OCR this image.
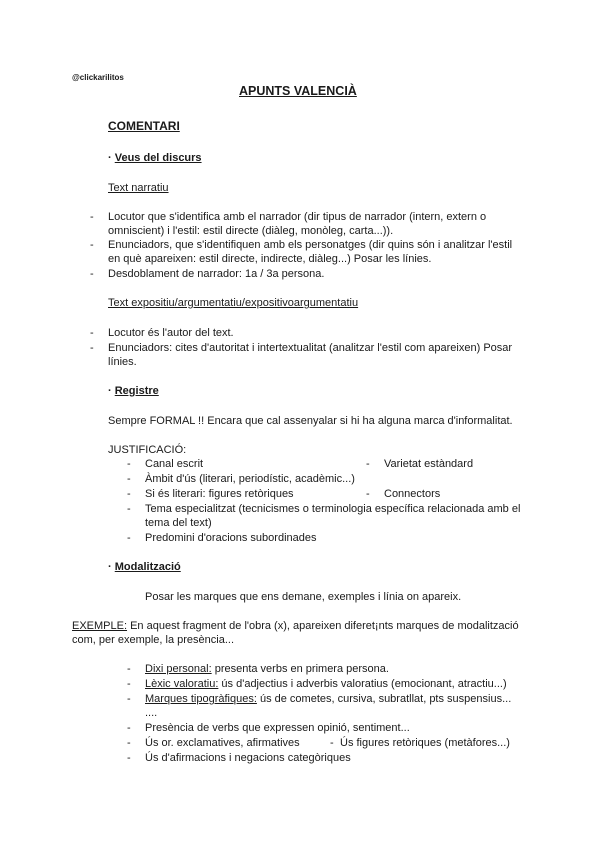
@clickarilitos
APUNTS VALENCIÀ
COMENTARI
· Veus del discurs
Text narratiu
- Locutor que s'identifica amb el narrador (dir tipus de narrador (intern, extern o
omniscient) i l'estil: estil directe (diàleg, monòleg, carta...)).
- Enunciadors, que s'identifiquen amb els personatges (dir quins són i analitzar l'estil
en què apareixen: estil directe, indirecte, diàleg...) Posar les línies.
- Desdoblament de narrador: 1a / 3a persona.
Text expositiu/argumentatiu/expositivoargumentatiu
- Locutor és l'autor del text.
- Enunciadors: cites d'autoritat i intertextualitat (analitzar l'estil com apareixen) Posar
línies.
· Registre
Sempre FORMAL !! Encara que cal assenyalar si hi ha alguna marca d'informalitat.
JUSTIFICACIÓ:
- Canal escrit	- Varietat estàndard
- Àmbit d'ús (literari, periodístic, acadèmic...)
- Si és literari: figures retòriques	- Connectors
- Tema especialitzat (tecnicismes o terminologia específica relacionada amb el
tema del text)
- Predomini d'oracions subordinades
· Modalització
Posar les marques que ens demane, exemples i línia on apareix.
EXEMPLE: En aquest fragment de l'obra (x), apareixen diferet¡nts marques de modalització
com, per exemple, la presència...
- Dixi personal: presenta verbs en primera persona.
- Lèxic valoratiu: ús d'adjectius i adverbis valoratius (emocionant, atractiu...)
- Marques tipogràfiques: ús de cometes, cursiva, subratllat, pts suspensius...
....
- Presència de verbs que expressen opinió, sentiment...
- Ús or. exclamatives, afirmatives	- Ús figures retòriques (metàfores...)
- Ús d'afirmacions i negacions categòriques
